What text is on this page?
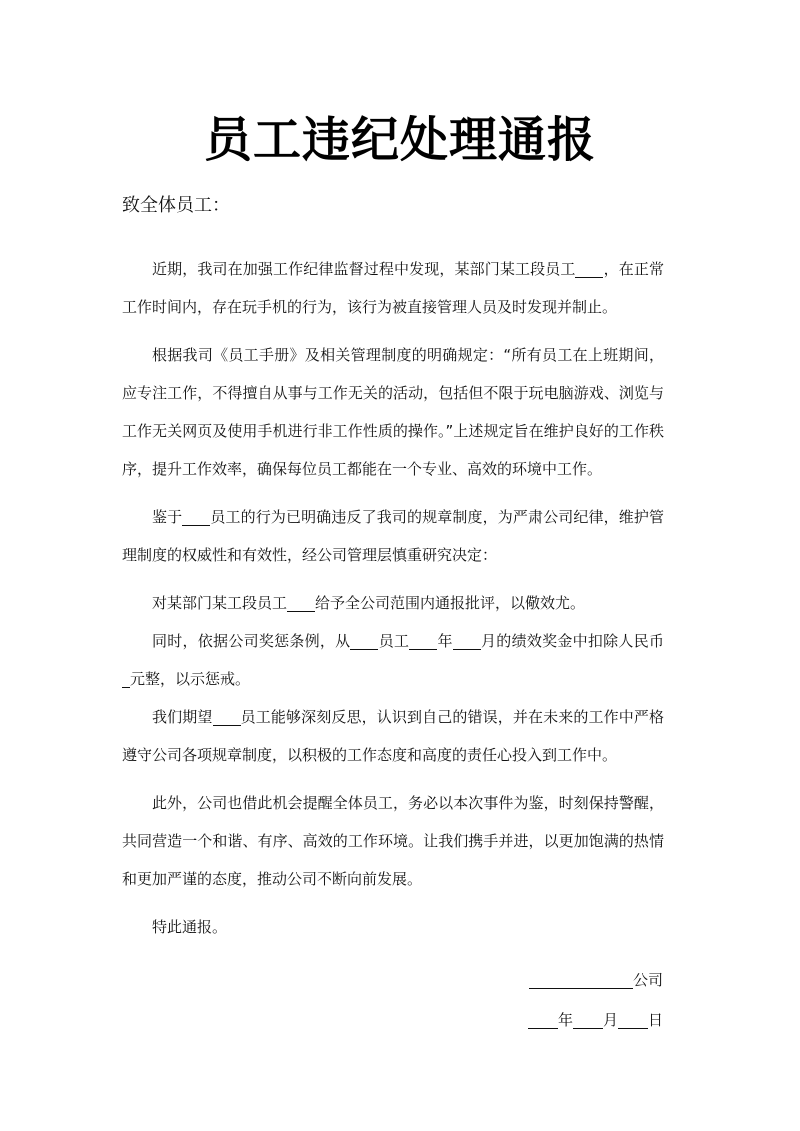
员工违纪处理通报

致全体员工：

近期，我司在加强工作纪律监督过程中发现，某部门某工段员工 ，在正常工作时间内，存在玩手机的行为，该行为被直接管理人员及时发现并制止。

根据我司《员工手册》及相关管理制度的明确规定：“所有员工在上班期间，应专注工作，不得擅自从事与工作无关的活动，包括但不限于玩电脑游戏、浏览与工作无关网页及使用手机进行非工作性质的操作。”上述规定旨在维护良好的工作秩序，提升工作效率，确保每位员工都能在一个专业、高效的环境中工作。

鉴于 员工的行为已明确违反了我司的规章制度，为严肃公司纪律，维护管理制度的权威性和有效性，经公司管理层慎重研究决定：

对某部门某工段员工 给予全公司范围内通报批评，以儆效尤。

同时，依据公司奖惩条例，从 员工 年 月的绩效奖金中扣除人民币元整，以示惩戒。

我们期望 员工能够深刻反思，认识到自己的错误，并在未来的工作中严格遵守公司各项规章制度，以积极的工作态度和高度的责任心投入到工作中。

此外，公司也借此机会提醒全体员工，务必以本次事件为鉴，时刻保持警醒，共同营造一个和谐、有序、高效的工作环境。让我们携手并进，以更加饱满的热情和更加严谨的态度，推动公司不断向前发展。

特此通报。

公司
年 月 日
